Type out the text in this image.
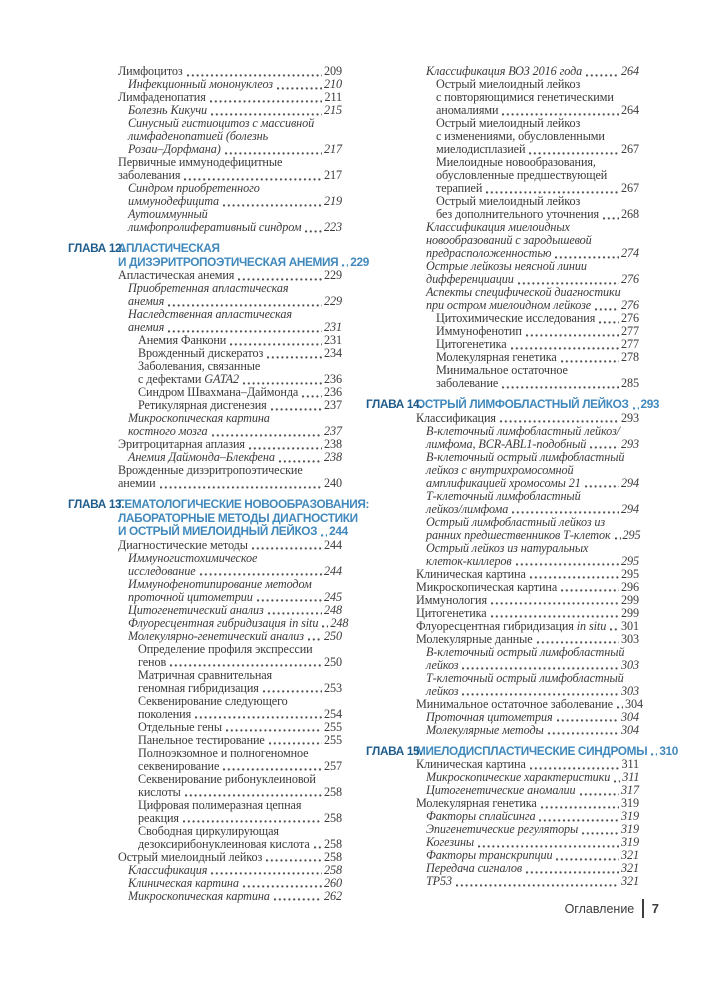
Лимфоцитоз	209
Инфекционный мононуклеоз	210
Лимфаденопатия	211
Болезнь Кикучи	215
Синусный гистиоцитоз с массивной
лимфаденопатией (болезнь
Розаи–Дорфмана)	217
Первичные иммунодефицитные
заболевания	217
Синдром приобретенного
иммунодефицита	219
Аутоиммунный
лимфопролиферативный синдром 223
ГЛАВА 12.
АПЛАСТИЧЕСКАЯ
И ДИЗЭРИТРОПОЭТИЧЕСКАЯ АНЕМИЯ 229
Апластическая анемия	229
Приобретенная апластическая
анемия	229
Наследственная апластическая
анемия	231
Анемия Фанкони	231
Врожденный дискератоз	234
Заболевания, связанные
с дефектами GATA2	236
Синдром Швахмана–Даймонда 236
Ретикулярная дисгенезия	237
Микроскопическая картина
костного мозга	237
Эритроцитарная аплазия	238
Анемия Даймонда–Блекфена	238
Врожденные дизэритропоэтические
анемии	240
ГЛАВА 13.
ГЕМАТОЛОГИЧЕСКИЕ НОВООБРАЗОВАНИЯ:
ЛАБОРАТОРНЫЕ МЕТОДЫ ДИАГНОСТИКИ
И ОСТРЫЙ МИЕЛОИДНЫЙ ЛЕЙКОЗ 244
Диагностические методы	244
Иммуногистохимическое
исследование	244
Иммунофенотипирование методом
проточной цитометрии	245
Цитогенетический анализ	248
Флуоресцентная гибридизация in situ 248
Молекулярно-генетический анализ 250
Определение профиля экспрессии
генов	250
Матричная сравнительная
геномная гибридизация	253
Секвенирование следующего
поколения	254
Отдельные гены	255
Панельное тестирование	255
Полноэкзомное и полногеномное
секвенирование	257
Секвенирование рибонуклеиновой
кислоты	258
Цифровая полимеразная цепная
реакция	258
Свободная циркулирующая
дезоксирибонуклеиновая кислота 258
Острый миелоидный лейкоз	258
Классификация	258
Клиническая картина	260
Микроскопическая картина	262
Классификация ВОЗ 2016 года	264
Острый миелоидный лейкоз
с повторяющимися генетическими
аномалиями	264
Острый миелоидный лейкоз
с изменениями, обусловленными
миелодисплазией	267
Миелоидные новообразования,
обусловленные предшествующей
терапией	267
Острый миелоидный лейкоз
без дополнительного уточнения 268
Классификация миелоидных
новообразований с зародышевой
предрасположенностью	274
Острые лейкозы неясной линии
дифференциации	276
Аспекты специфической диагностики
при остром миелоидном лейкозе 276
Цитохимические исследования 276
Иммунофенотип	277
Цитогенетика	277
Молекулярная генетика	278
Минимальное остаточное
заболевание	285
ГЛАВА 14.
ОСТРЫЙ ЛИМФОБЛАСТНЫЙ ЛЕЙКОЗ 293
Классификация	293
В-клеточный лимфобластный лейкоз/
лимфома, BCR-ABL1-подобный	293
В-клеточный острый лимфобластный
лейкоз с внутрихромосомной
амплификацией хромосомы 21	294
Т-клеточный лимфобластный
лейкоз/лимфома	294
Острый лимфобластный лейкоз из
ранних предшественников Т-клеток 295
Острый лейкоз из натуральных
клеток-киллеров	295
Клиническая картина	295
Микроскопическая картина	296
Иммунология	299
Цитогенетика	299
Флуоресцентная гибридизация in situ 301
Молекулярные данные	303
В-клеточный острый лимфобластный
лейкоз	303
Т-клеточный острый лимфобластный
лейкоз	303
Минимальное остаточное заболевание 304
Проточная цитометрия	304
Молекулярные методы	304
ГЛАВА 15.
МИЕЛОДИСПЛАСТИЧЕСКИЕ СИНДРОМЫ 310
Клиническая картина	311
Микроскопические характеристики 311
Цитогенетические аномалии	317
Молекулярная генетика	319
Факторы сплайсинга	319
Эпигенетические регуляторы	319
Когезины	319
Факторы транскрипции	321
Передача сигналов	321
ТР53	321
Оглавление 7
